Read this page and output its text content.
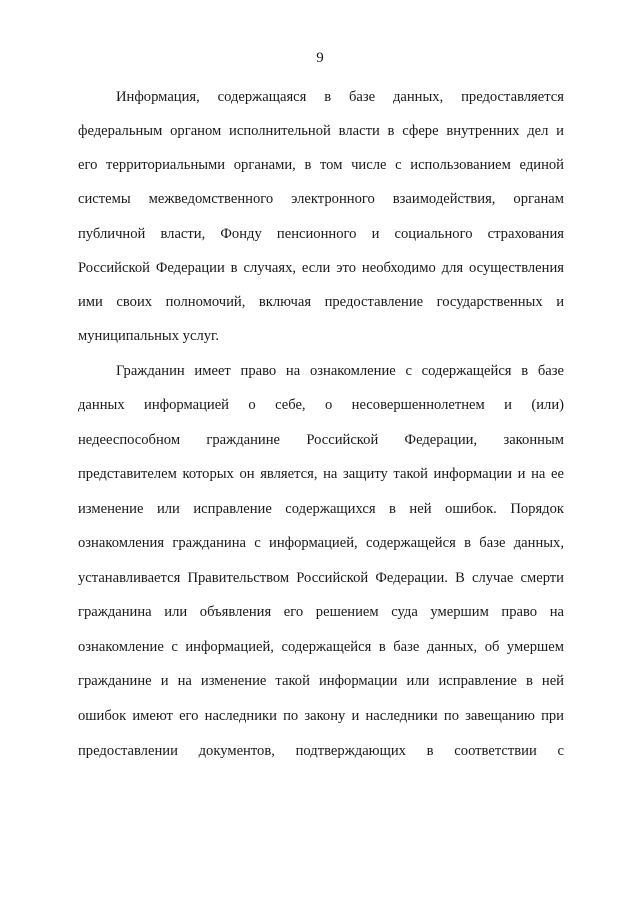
9
Информация, содержащаяся в базе данных, предоставляется
федеральным органом исполнительной власти в сфере внутренних дел и
его территориальными органами, в том числе с использованием единой
системы межведомственного электронного взаимодействия, органам
публичной власти, Фонду пенсионного и социального страхования
Российской Федерации в случаях, если это необходимо для осуществления
ими своих полномочий, включая предоставление государственных и
муниципальных услуг.
Гражданин имеет право на ознакомление с содержащейся в базе
данных информацией о себе, о несовершеннолетнем и (или)
недееспособном гражданине Российской Федерации, законным
представителем которых он является, на защиту такой информации и на ее
изменение или исправление содержащихся в ней ошибок. Порядок
ознакомления гражданина с информацией, содержащейся в базе данных,
устанавливается Правительством Российской Федерации. В случае смерти
гражданина или объявления его решением суда умершим право на
ознакомление с информацией, содержащейся в базе данных, об умершем
гражданине и на изменение такой информации или исправление в ней
ошибок имеют его наследники по закону и наследники по завещанию при
предоставлении документов, подтверждающих в соответствии с
